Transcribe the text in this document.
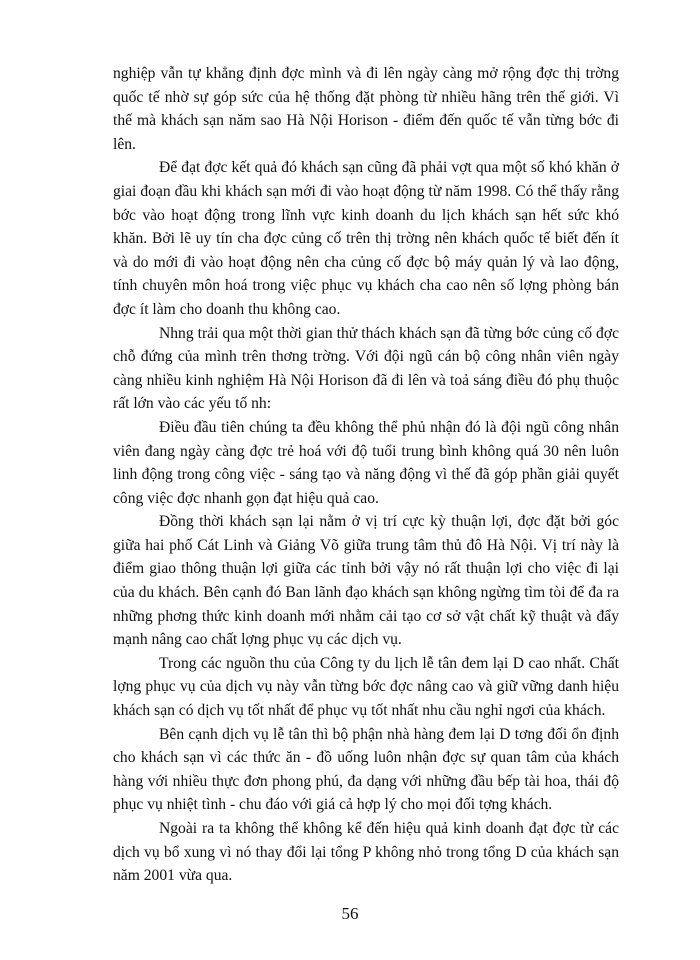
nghiệp vẫn tự khẳng định đợc mình và đi lên ngày càng mở rộng đợc thị trờng quốc tế nhờ sự góp sức của hệ thống đặt phòng từ nhiều hãng trên thế giới. Vì thế mà khách sạn năm sao Hà Nội Horison - điểm đến quốc tế vẫn từng bớc đi lên.

Để đạt đợc kết quả đó khách sạn cũng đã phải vợt qua một số khó khăn ở giai đoạn đầu khi khách sạn mới đi vào hoạt động từ năm 1998. Có thể thấy rằng bớc vào hoạt động trong lĩnh vực kinh doanh du lịch khách sạn hết sức khó khăn. Bởi lẽ uy tín cha đợc củng cố trên thị trờng nên khách quốc tế biết đến ít và do mới đi vào hoạt động nên cha củng cố đợc bộ máy quản lý và lao động, tính chuyên môn hoá trong việc phục vụ khách cha cao nên số lợng phòng bán đợc ít làm cho doanh thu không cao.

Nhng trải qua một thời gian thử thách khách sạn đã từng bớc củng cố đợc chỗ đứng của mình trên thơng trờng. Với đội ngũ cán bộ công nhân viên ngày càng nhiều kinh nghiệm Hà Nội Horison đã đi lên và toả sáng điều đó phụ thuộc rất lớn vào các yếu tố nh:

Điều đầu tiên chúng ta đều không thể phủ nhận đó là đội ngũ công nhân viên đang ngày càng đợc trẻ hoá với độ tuổi trung bình không quá 30 nên luôn linh động trong công việc - sáng tạo và năng động vì thế đã góp phần giải quyết công việc đợc nhanh gọn đạt hiệu quả cao.

Đồng thời khách sạn lại nằm ở vị trí cực kỳ thuận lợi, đợc đặt bởi góc giữa hai phố Cát Linh và Giảng Võ giữa trung tâm thủ đô Hà Nội. Vị trí này là điểm giao thông thuận lợi giữa các tỉnh bởi vậy nó rất thuận lợi cho việc đi lại của du khách. Bên cạnh đó Ban lãnh đạo khách sạn không ngừng tìm tòi để đa ra những phơng thức kinh doanh mới nhằm cải tạo cơ sở vật chất kỹ thuật và đẩy mạnh nâng cao chất lợng phục vụ các dịch vụ.

Trong các nguồn thu của Công ty du lịch lễ tân đem lại D cao nhất. Chất lợng phục vụ của dịch vụ này vẫn từng bớc đợc nâng cao và giữ vững danh hiệu khách sạn có dịch vụ tốt nhất để phục vụ tốt nhất nhu cầu nghỉ ngơi của khách.

Bên cạnh dịch vụ lễ tân thì bộ phận nhà hàng đem lại D tơng đối ổn định cho khách sạn vì các thức ăn - đồ uống luôn nhận đợc sự quan tâm của khách hàng với nhiều thực đơn phong phú, đa dạng với những đầu bếp tài hoa, thái độ phục vụ nhiệt tình - chu đáo với giá cả hợp lý cho mọi đối tợng khách.

Ngoài ra ta không thể không kể đến hiệu quả kinh doanh đạt đợc từ các dịch vụ bổ xung vì nó thay đổi lại tổng P không nhỏ trong tổng D của khách sạn năm 2001 vừa qua.

56
